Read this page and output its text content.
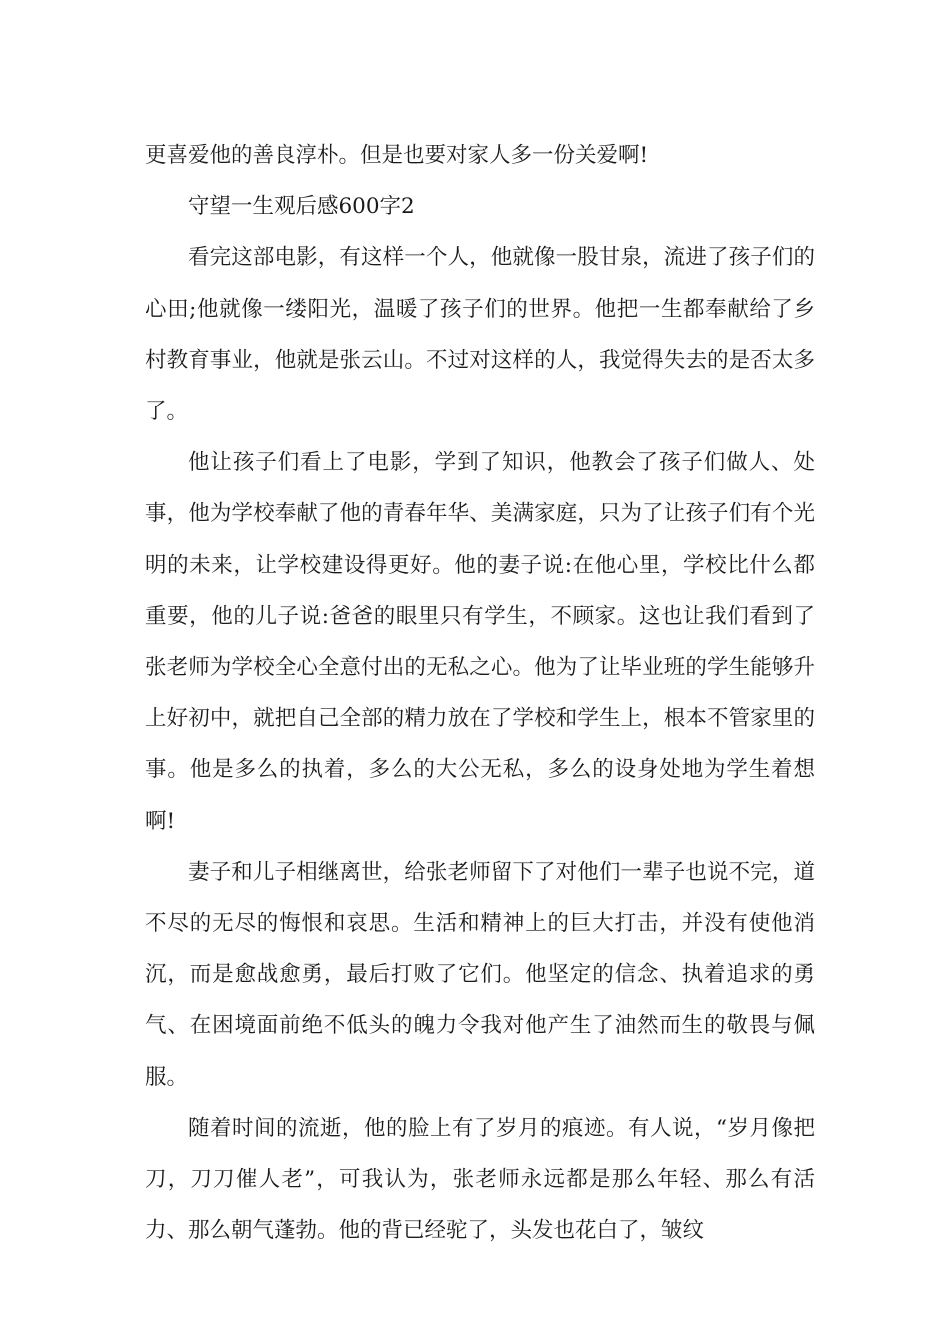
更喜爱他的善良淳朴。但是也要对家人多一份关爱啊!

守望一生观后感600字2

看完这部电影，有这样一个人，他就像一股甘泉，流进了孩子们的心田;他就像一缕阳光，温暖了孩子们的世界。他把一生都奉献给了乡村教育事业，他就是张云山。不过对这样的人，我觉得失去的是否太多了。

他让孩子们看上了电影，学到了知识，他教会了孩子们做人、处事，他为学校奉献了他的青春年华、美满家庭，只为了让孩子们有个光明的未来，让学校建设得更好。他的妻子说:在他心里，学校比什么都重要，他的儿子说:爸爸的眼里只有学生，不顾家。这也让我们看到了张老师为学校全心全意付出的无私之心。他为了让毕业班的学生能够升上好初中，就把自己全部的精力放在了学校和学生上，根本不管家里的事。他是多么的执着，多么的大公无私，多么的设身处地为学生着想啊!

妻子和儿子相继离世，给张老师留下了对他们一辈子也说不完，道不尽的无尽的悔恨和哀思。生活和精神上的巨大打击，并没有使他消沉，而是愈战愈勇，最后打败了它们。他坚定的信念、执着追求的勇气、在困境面前绝不低头的魄力令我对他产生了油然而生的敬畏与佩服。

随着时间的流逝，他的脸上有了岁月的痕迹。有人说，“岁月像把刀，刀刀催人老”，可我认为，张老师永远都是那么年轻、那么有活力、那么朝气蓬勃。他的背已经驼了，头发也花白了，皱纹
